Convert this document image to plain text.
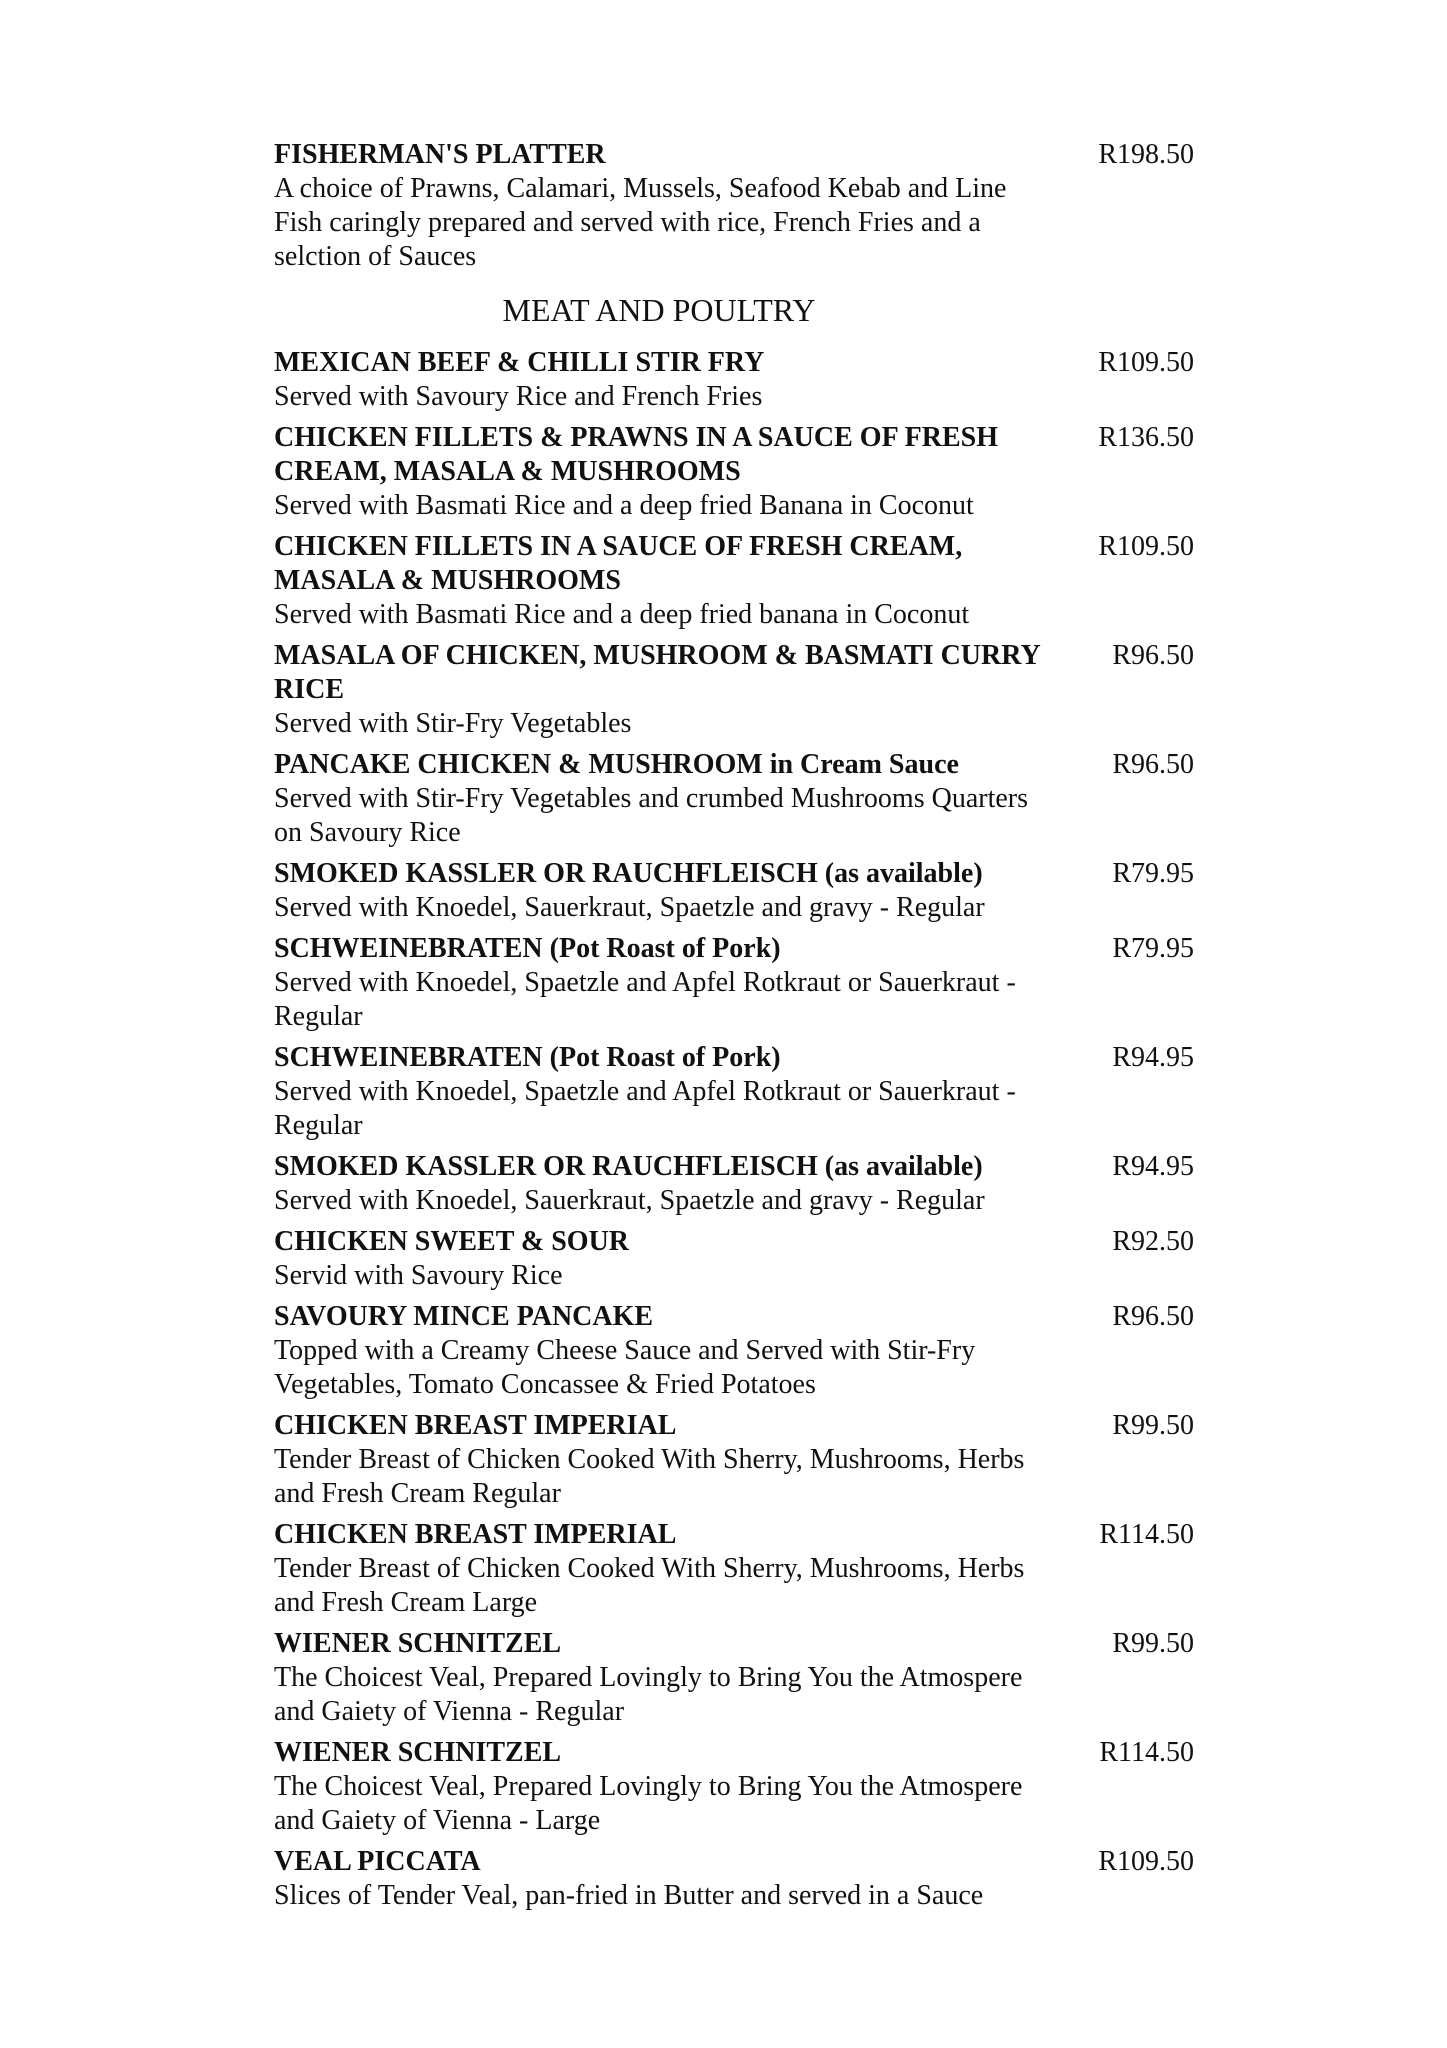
FISHERMAN'S PLATTER
A choice of Prawns, Calamari, Mussels, Seafood Kebab and Line Fish caringly prepared and served with rice, French Fries and a selction of Sauces
R198.50
MEAT AND POULTRY
MEXICAN BEEF & CHILLI STIR FRY
Served with Savoury Rice and French Fries
R109.50
CHICKEN FILLETS & PRAWNS IN A SAUCE OF FRESH CREAM, MASALA & MUSHROOMS
Served with Basmati Rice and a deep fried Banana in Coconut
R136.50
CHICKEN FILLETS IN A SAUCE OF FRESH CREAM, MASALA & MUSHROOMS
Served with Basmati Rice and a deep fried banana in Coconut
R109.50
MASALA OF CHICKEN, MUSHROOM & BASMATI CURRY RICE
Served with Stir-Fry Vegetables
R96.50
PANCAKE CHICKEN & MUSHROOM in Cream Sauce
Served with Stir-Fry Vegetables and crumbed Mushrooms Quarters on Savoury Rice
R96.50
SMOKED KASSLER OR RAUCHFLEISCH (as available)
Served with Knoedel, Sauerkraut, Spaetzle and gravy - Regular
R79.95
SCHWEINEBRATEN (Pot Roast of Pork)
Served with Knoedel, Spaetzle and Apfel Rotkraut or Sauerkraut - Regular
R79.95
SCHWEINEBRATEN (Pot Roast of Pork)
Served with Knoedel, Spaetzle and Apfel Rotkraut or Sauerkraut - Regular
R94.95
SMOKED KASSLER OR RAUCHFLEISCH (as available)
Served with Knoedel, Sauerkraut, Spaetzle and gravy - Regular
R94.95
CHICKEN SWEET & SOUR
Servid with Savoury Rice
R92.50
SAVOURY MINCE PANCAKE
Topped with a Creamy Cheese Sauce and Served with Stir-Fry Vegetables, Tomato Concassee & Fried Potatoes
R96.50
CHICKEN BREAST IMPERIAL
Tender Breast of Chicken Cooked With Sherry, Mushrooms, Herbs and Fresh Cream Regular
R99.50
CHICKEN BREAST IMPERIAL
Tender Breast of Chicken Cooked With Sherry, Mushrooms, Herbs and Fresh Cream Large
R114.50
WIENER SCHNITZEL
The Choicest Veal, Prepared Lovingly to Bring You the Atmospere and Gaiety of Vienna - Regular
R99.50
WIENER SCHNITZEL
The Choicest Veal, Prepared Lovingly to Bring You the Atmospere and Gaiety of Vienna - Large
R114.50
VEAL PICCATA
Slices of Tender Veal, pan-fried in Butter and served in a Sauce
R109.50
